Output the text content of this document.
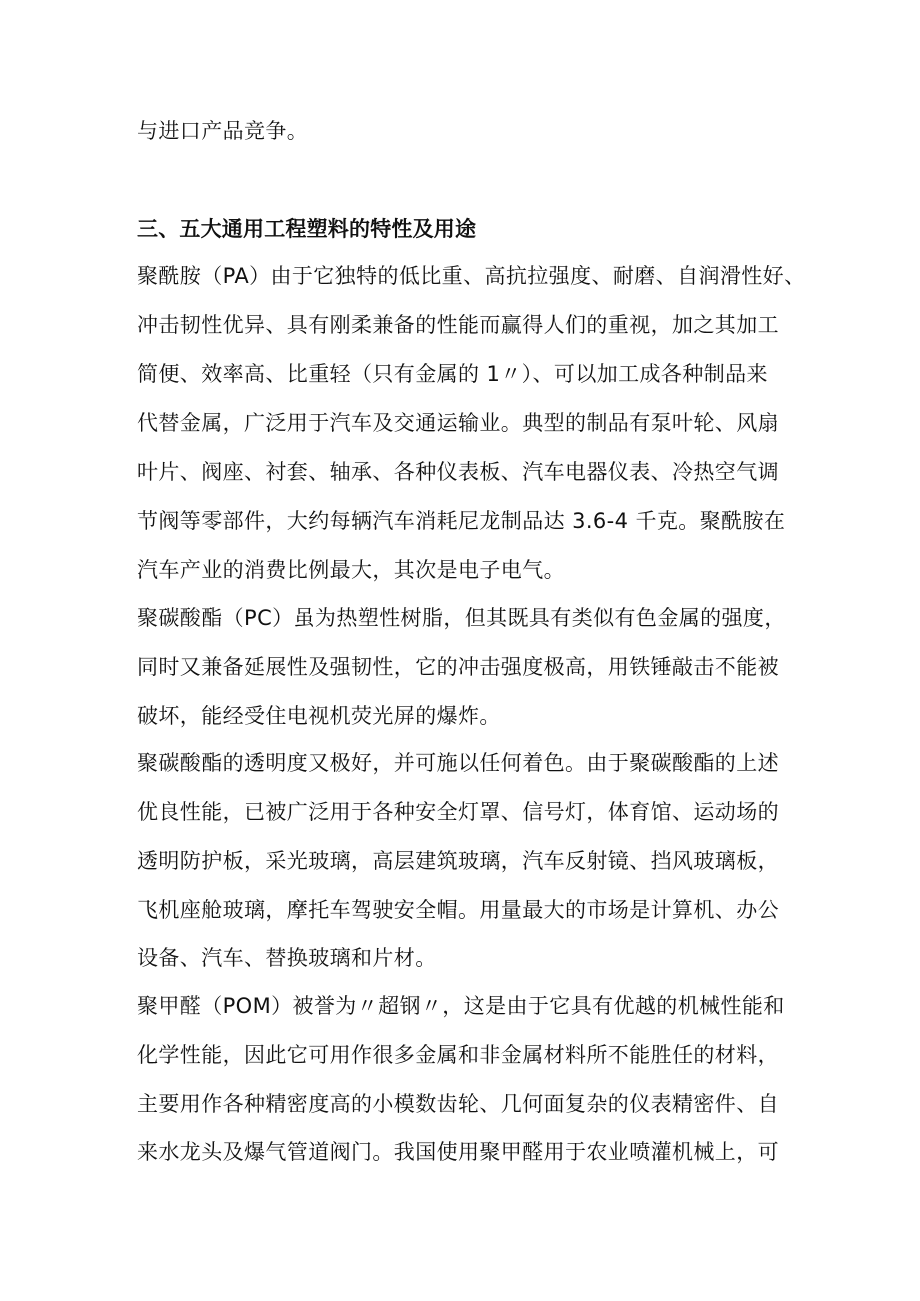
与进口产品竞争。
三、五大通用工程塑料的特性及用途
聚酰胺（PA）由于它独特的低比重、高抗拉强度、耐磨、自润滑性好、
冲击韧性优异、具有刚柔兼备的性能而赢得人们的重视，加之其加工
简便、效率高、比重轻（只有金属的 1〃）、可以加工成各种制品来
代替金属，广泛用于汽车及交通运输业。典型的制品有泵叶轮、风扇
叶片、阀座、衬套、轴承、各种仪表板、汽车电器仪表、冷热空气调
节阀等零部件，大约每辆汽车消耗尼龙制品达 3.6-4 千克。聚酰胺在
汽车产业的消费比例最大，其次是电子电气。
聚碳酸酯（PC）虽为热塑性树脂，但其既具有类似有色金属的强度，
同时又兼备延展性及强韧性，它的冲击强度极高，用铁锤敲击不能被
破坏，能经受住电视机荧光屏的爆炸。
聚碳酸酯的透明度又极好，并可施以任何着色。由于聚碳酸酯的上述
优良性能，已被广泛用于各种安全灯罩、信号灯，体育馆、运动场的
透明防护板，采光玻璃，高层建筑玻璃，汽车反射镜、挡风玻璃板，
飞机座舱玻璃，摩托车驾驶安全帽。用量最大的市场是计算机、办公
设备、汽车、替换玻璃和片材。
聚甲醛（POM）被誉为〃超钢〃，这是由于它具有优越的机械性能和
化学性能，因此它可用作很多金属和非金属材料所不能胜任的材料，
主要用作各种精密度高的小模数齿轮、几何面复杂的仪表精密件、自
来水龙头及爆气管道阀门。我国使用聚甲醛用于农业喷灌机械上，可
